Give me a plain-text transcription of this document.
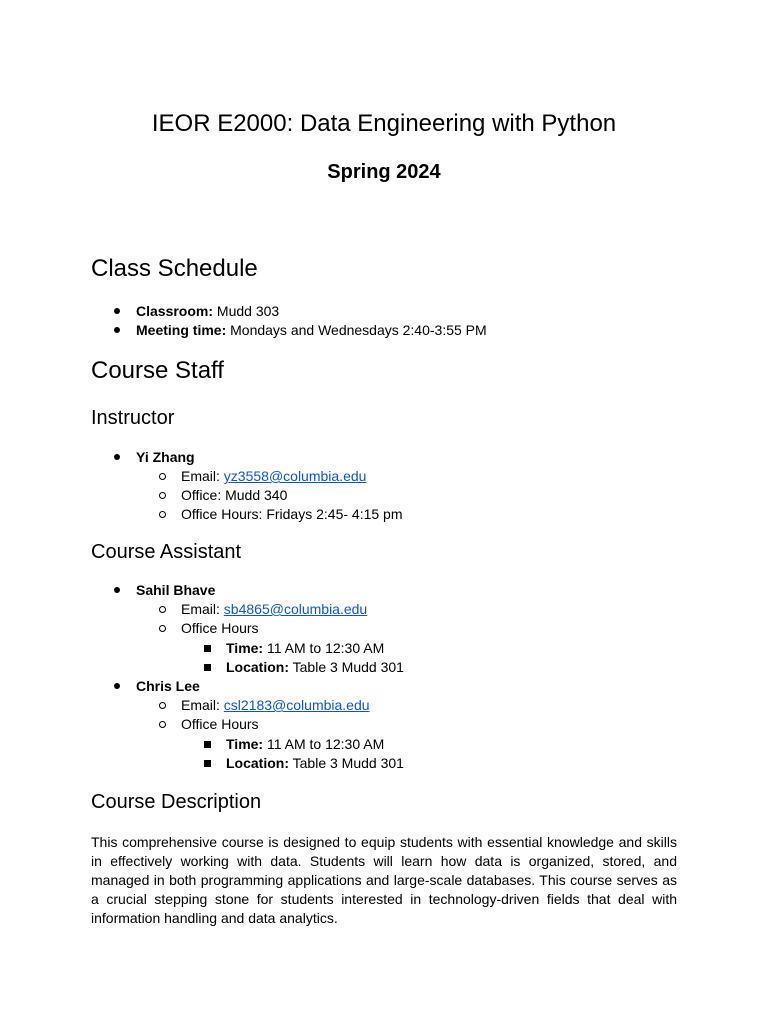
IEOR E2000: Data Engineering with Python
Spring 2024
Class Schedule
Classroom: Mudd 303
Meeting time: Mondays and Wednesdays 2:40-3:55 PM
Course Staff
Instructor
Yi Zhang
Email: yz3558@columbia.edu
Office: Mudd 340
Office Hours: Fridays 2:45- 4:15 pm
Course Assistant
Sahil Bhave
Email: sb4865@columbia.edu
Office Hours
Time: 11 AM to 12:30 AM
Location: Table 3 Mudd 301
Chris Lee
Email: csl2183@columbia.edu
Office Hours
Time: 11 AM to 12:30 AM
Location: Table 3 Mudd 301
Course Description
This comprehensive course is designed to equip students with essential knowledge and skills in effectively working with data. Students will learn how data is organized, stored, and managed in both programming applications and large-scale databases. This course serves as a crucial stepping stone for students interested in technology-driven fields that deal with information handling and data analytics.
